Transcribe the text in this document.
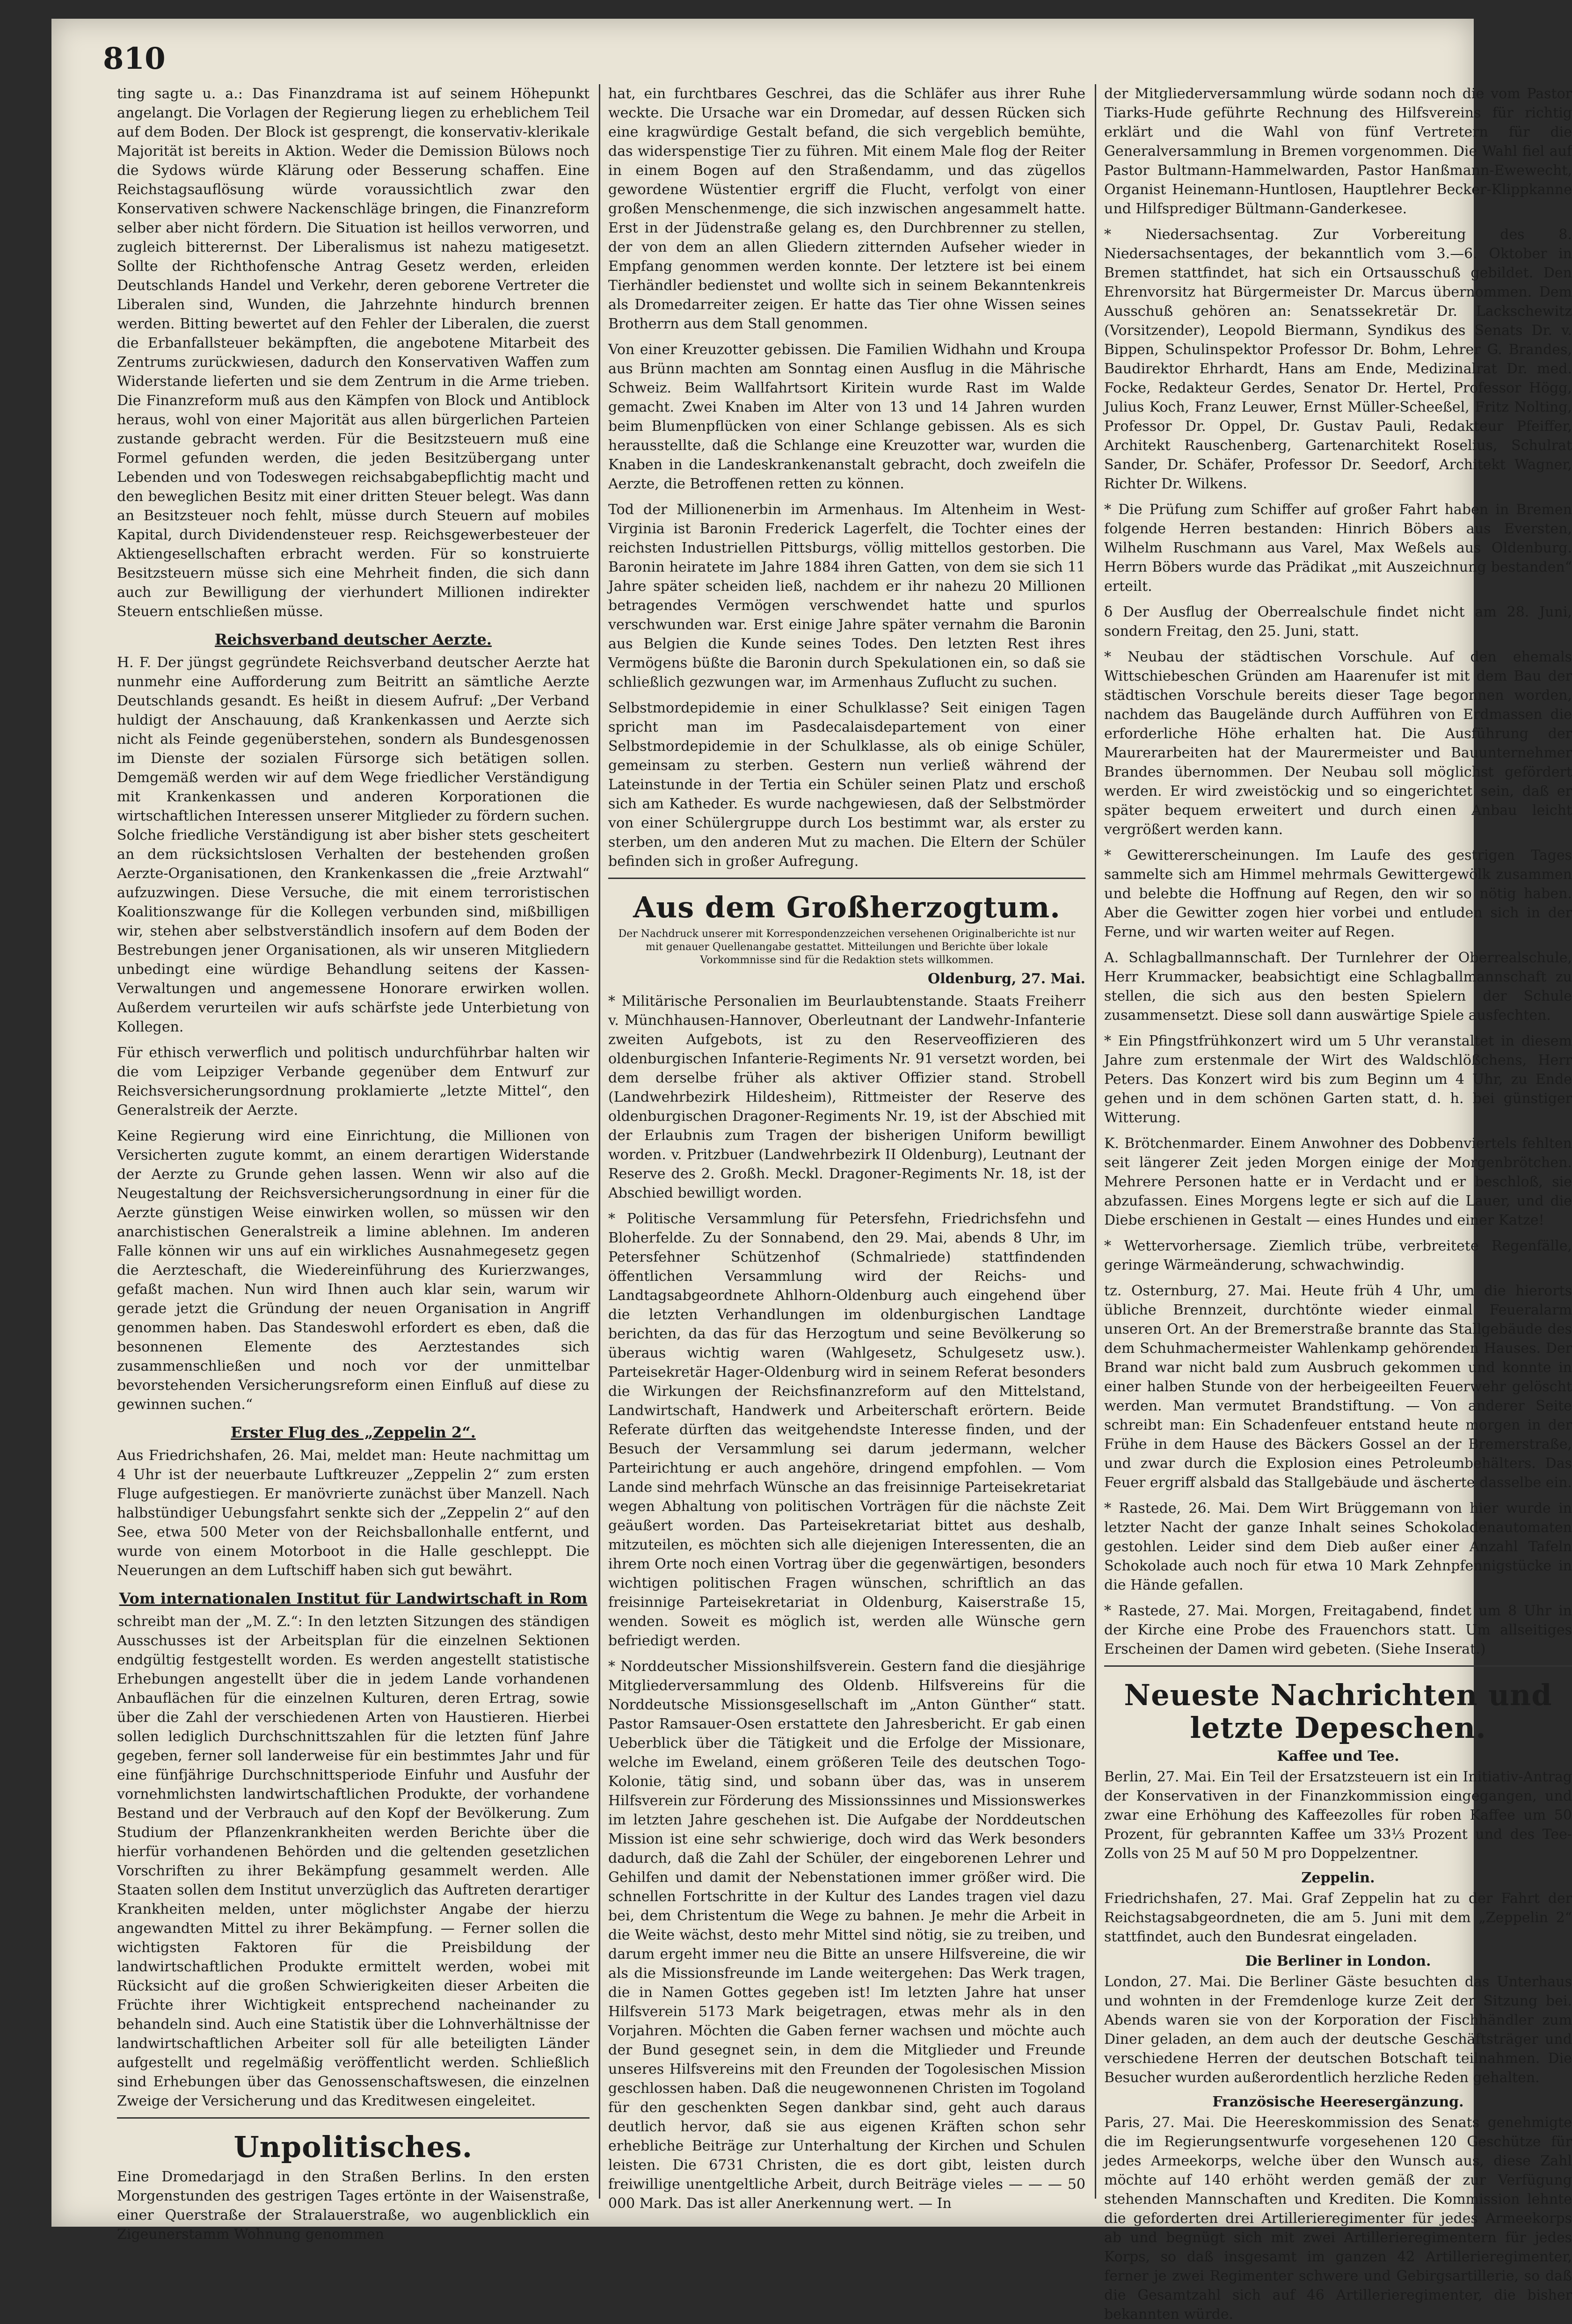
810

ting sagte u. a.: Das Finanzdrama ist auf seinem Höhepunkt angelangt. Die Vorlagen der Regierung liegen zu erheblichem Teil auf dem Boden. Der Block ist gesprengt, die konservativ-klerikale Majorität ist bereits in Aktion. Weder die Demission Bülows noch die Sydows würde Klärung oder Besserung schaffen. Eine Reichstagsauflösung würde voraussichtlich zwar den Konservativen schwere Nackenschläge bringen, die Finanzreform selber aber nicht fördern. Die Situation ist heillos verworren, und zugleich bitterernst. Der Liberalismus ist nahezu matigesetzt. Sollte der Richthofensche Antrag Gesetz werden, erleiden Deutschlands Handel und Verkehr, deren geborene Vertreter die Liberalen sind, Wunden, die Jahrzehnte hindurch brennen werden. Bitting bewertet auf den Fehler der Liberalen, die zuerst die Erbanfallsteuer bekämpften, die angebotene Mitarbeit des Zentrums zurückwiesen, dadurch den Konservativen Waffen zum Widerstande lieferten und sie dem Zentrum in die Arme trieben. Die Finanzreform muß aus den Kämpfen von Block und Antiblock heraus, wohl von einer Majorität aus allen bürgerlichen Parteien zustande gebracht werden. Für die Besitzsteuern muß eine Formel gefunden werden, die jeden Besitzübergang unter Lebenden und von Todeswegen reichsabgabepflichtig macht und den beweglichen Besitz mit einer dritten Steuer belegt. Was dann an Besitzsteuer noch fehlt, müsse durch Steuern auf mobiles Kapital, durch Dividendensteuer resp. Reichsgewerbesteuer der Aktiengesellschaften erbracht werden. Für so konstruierte Besitzsteuern müsse sich eine Mehrheit finden, die sich dann auch zur Bewilligung der vierhundert Millionen indirekter Steuern entschließen müsse.

Reichsverband deutscher Aerzte.

H. F. Der jüngst gegründete Reichsverband deutscher Aerzte hat nunmehr eine Aufforderung zum Beitritt an sämtliche Aerzte Deutschlands gesandt. Es heißt in diesem Aufruf: „Der Verband huldigt der Anschauung, daß Krankenkassen und Aerzte sich nicht als Feinde gegenüberstehen, sondern als Bundesgenossen im Dienste der sozialen Fürsorge sich betätigen sollen. Demgemäß werden wir auf dem Wege friedlicher Verständigung mit Krankenkassen und anderen Korporationen die wirtschaftlichen Interessen unserer Mitglieder zu fördern suchen. Solche friedliche Verständigung ist aber bisher stets gescheitert an dem rücksichtslosen Verhalten der bestehenden großen Aerzte-Organisationen, den Krankenkassen die „freie Arztwahl“ aufzuzwingen. Diese Versuche, die mit einem terroristischen Koalitionszwange für die Kollegen verbunden sind, mißbilligen wir, stehen aber selbstverständlich insofern auf dem Boden der Bestrebungen jener Organisationen, als wir unseren Mitgliedern unbedingt eine würdige Behandlung seitens der Kassen-Verwaltungen und angemessene Honorare erwirken wollen. Außerdem verurteilen wir aufs schärfste jede Unterbietung von Kollegen.

Für ethisch verwerflich und politisch undurchführbar halten wir die vom Leipziger Verbande gegenüber dem Entwurf zur Reichsversicherungsordnung proklamierte „letzte Mittel“, den Generalstreik der Aerzte.

Keine Regierung wird eine Einrichtung, die Millionen von Versicherten zugute kommt, an einem derartigen Widerstande der Aerzte zu Grunde gehen lassen. Wenn wir also auf die Neugestaltung der Reichsversicherungsordnung in einer für die Aerzte günstigen Weise einwirken wollen, so müssen wir den anarchistischen Generalstreik a limine ablehnen. Im anderen Falle können wir uns auf ein wirkliches Ausnahmegesetz gegen die Aerzteschaft, die Wiedereinführung des Kurierzwanges, gefaßt machen. Nun wird Ihnen auch klar sein, warum wir gerade jetzt die Gründung der neuen Organisation in Angriff genommen haben. Das Standeswohl erfordert es eben, daß die besonnenen Elemente des Aerztestandes sich zusammenschließen und noch vor der unmittelbar bevorstehenden Versicherungsreform einen Einfluß auf diese zu gewinnen suchen.“

Erster Flug des „Zeppelin 2“.

Aus Friedrichshafen, 26. Mai, meldet man: Heute nachmittag um 4 Uhr ist der neuerbaute Luftkreuzer „Zeppelin 2“ zum ersten Fluge aufgestiegen. Er manövrierte zunächst über Manzell. Nach halbstündiger Uebungsfahrt senkte sich der „Zeppelin 2“ auf den See, etwa 500 Meter von der Reichsballonhalle entfernt, und wurde von einem Motorboot in die Halle geschleppt. Die Neuerungen an dem Luftschiff haben sich gut bewährt.

Vom internationalen Institut für Landwirtschaft in Rom

schreibt man der „M. Z.“: In den letzten Sitzungen des ständigen Ausschusses ist der Arbeitsplan für die einzelnen Sektionen endgültig festgestellt worden. Es werden angestellt statistische Erhebungen angestellt über die in jedem Lande vorhandenen Anbauflächen für die einzelnen Kulturen, deren Ertrag, sowie über die Zahl der verschiedenen Arten von Haustieren. Hierbei sollen lediglich Durchschnittszahlen für die letzten fünf Jahre gegeben, ferner soll landerweise für ein bestimmtes Jahr und für eine fünfjährige Durchschnittsperiode Einfuhr und Ausfuhr der vornehmlichsten landwirtschaftlichen Produkte, der vorhandene Bestand und der Verbrauch auf den Kopf der Bevölkerung. Zum Studium der Pflanzenkrankheiten werden Berichte über die hierfür vorhandenen Behörden und die geltenden gesetzlichen Vorschriften zu ihrer Bekämpfung gesammelt werden. Alle Staaten sollen dem Institut unverzüglich das Auftreten derartiger Krankheiten melden, unter möglichster Angabe der hierzu angewandten Mittel zu ihrer Bekämpfung. — Ferner sollen die wichtigsten Faktoren für die Preisbildung der landwirtschaftlichen Produkte ermittelt werden, wobei mit Rücksicht auf die großen Schwierigkeiten dieser Arbeiten die Früchte ihrer Wichtigkeit entsprechend nacheinander zu behandeln sind. Auch eine Statistik über die Lohnverhältnisse der landwirtschaftlichen Arbeiter soll für alle beteiligten Länder aufgestellt und regelmäßig veröffentlicht werden. Schließlich sind Erhebungen über das Genossenschaftswesen, die einzelnen Zweige der Versicherung und das Kreditwesen eingeleitet.

Unpolitisches.

Eine Dromedarjagd in den Straßen Berlins. In den ersten Morgenstunden des gestrigen Tages ertönte in der Waisenstraße, einer Querstraße der Stralauerstraße, wo augenblicklich ein Zigeunerstamm Wohnung genommen

hat, ein furchtbares Geschrei, das die Schläfer aus ihrer Ruhe weckte. Die Ursache war ein Dromedar, auf dessen Rücken sich eine kragwürdige Gestalt befand, die sich vergeblich bemühte, das widerspenstige Tier zu führen. Mit einem Male flog der Reiter in einem Bogen auf den Straßendamm, und das zügellos gewordene Wüstentier ergriff die Flucht, verfolgt von einer großen Menschenmenge, die sich inzwischen angesammelt hatte. Erst in der Jüdenstraße gelang es, den Durchbrenner zu stellen, der von dem an allen Gliedern zitternden Aufseher wieder in Empfang genommen werden konnte. Der letztere ist bei einem Tierhändler bedienstet und wollte sich in seinem Bekanntenkreis als Dromedarreiter zeigen. Er hatte das Tier ohne Wissen seines Brotherrn aus dem Stall genommen.

Von einer Kreuzotter gebissen. Die Familien Widhahn und Kroupa aus Brünn machten am Sonntag einen Ausflug in die Mährische Schweiz. Beim Wallfahrtsort Kiritein wurde Rast im Walde gemacht. Zwei Knaben im Alter von 13 und 14 Jahren wurden beim Blumenpflücken von einer Schlange gebissen. Als es sich herausstellte, daß die Schlange eine Kreuzotter war, wurden die Knaben in die Landeskrankenanstalt gebracht, doch zweifeln die Aerzte, die Betroffenen retten zu können.

Tod der Millionenerbin im Armenhaus. Im Altenheim in West-Virginia ist Baronin Frederick Lagerfelt, die Tochter eines der reichsten Industriellen Pittsburgs, völlig mittellos gestorben. Die Baronin heiratete im Jahre 1884 ihren Gatten, von dem sie sich 11 Jahre später scheiden ließ, nachdem er ihr nahezu 20 Millionen betragendes Vermögen verschwendet hatte und spurlos verschwunden war. Erst einige Jahre später vernahm die Baronin aus Belgien die Kunde seines Todes. Den letzten Rest ihres Vermögens büßte die Baronin durch Spekulationen ein, so daß sie schließlich gezwungen war, im Armenhaus Zuflucht zu suchen.

Selbstmordepidemie in einer Schulklasse? Seit einigen Tagen spricht man im Pasdecalaisdepartement von einer Selbstmordepidemie in der Schulklasse, als ob einige Schüler, gemeinsam zu sterben. Gestern nun verließ während der Lateinstunde in der Tertia ein Schüler seinen Platz und erschoß sich am Katheder. Es wurde nachgewiesen, daß der Selbstmörder von einer Schülergruppe durch Los bestimmt war, als erster zu sterben, um den anderen Mut zu machen. Die Eltern der Schüler befinden sich in großer Aufregung.

Aus dem Großherzogtum.
Der Nachdruck unserer mit Korrespondenzzeichen versehenen Originalberichte ist nur mit genauer Quellenangabe gestattet. Mitteilungen und Berichte über lokale Vorkommnisse sind für die Redaktion stets willkommen.
Oldenburg, 27. Mai.

* Militärische Personalien im Beurlaubtenstande. Staats Freiherr v. Münchhausen-Hannover, Oberleutnant der Landwehr-Infanterie zweiten Aufgebots, ist zu den Reserveoffizieren des oldenburgischen Infanterie-Regiments Nr. 91 versetzt worden, bei dem derselbe früher als aktiver Offizier stand. Strobell (Landwehrbezirk Hildesheim), Rittmeister der Reserve des oldenburgischen Dragoner-Regiments Nr. 19, ist der Abschied mit der Erlaubnis zum Tragen der bisherigen Uniform bewilligt worden. v. Pritzbuer (Landwehrbezirk II Oldenburg), Leutnant der Reserve des 2. Großh. Meckl. Dragoner-Regiments Nr. 18, ist der Abschied bewilligt worden.

* Politische Versammlung für Petersfehn, Friedrichsfehn und Bloherfelde. Zu der Sonnabend, den 29. Mai, abends 8 Uhr, im Petersfehner Schützenhof (Schmalriede) stattfindenden öffentlichen Versammlung wird der Reichs- und Landtagsabgeordnete Ahlhorn-Oldenburg auch eingehend über die letzten Verhandlungen im oldenburgischen Landtage berichten, da das für das Herzogtum und seine Bevölkerung so überaus wichtig waren (Wahlgesetz, Schulgesetz usw.). Parteisekretär Hager-Oldenburg wird in seinem Referat besonders die Wirkungen der Reichsfinanzreform auf den Mittelstand, Landwirtschaft, Handwerk und Arbeiterschaft erörtern. Beide Referate dürften das weitgehendste Interesse finden, und der Besuch der Versammlung sei darum jedermann, welcher Parteirichtung er auch angehöre, dringend empfohlen. — Vom Lande sind mehrfach Wünsche an das freisinnige Parteisekretariat wegen Abhaltung von politischen Vorträgen für die nächste Zeit geäußert worden. Das Parteisekretariat bittet aus deshalb, mitzuteilen, es möchten sich alle diejenigen Interessenten, die an ihrem Orte noch einen Vortrag über die gegenwärtigen, besonders wichtigen politischen Fragen wünschen, schriftlich an das freisinnige Parteisekretariat in Oldenburg, Kaiserstraße 15, wenden. Soweit es möglich ist, werden alle Wünsche gern befriedigt werden.

* Norddeutscher Missionshilfsverein. Gestern fand die diesjährige Mitgliederversammlung des Oldenb. Hilfsvereins für die Norddeutsche Missionsgesellschaft im „Anton Günther“ statt. Pastor Ramsauer-Osen erstattete den Jahresbericht. Er gab einen Ueberblick über die Tätigkeit und die Erfolge der Missionare, welche im Eweland, einem größeren Teile des deutschen Togo-Kolonie, tätig sind, und sobann über das, was in unserem Hilfsverein zur Förderung des Missionssinnes und Missionswerkes im letzten Jahre geschehen ist. Die Aufgabe der Norddeutschen Mission ist eine sehr schwierige, doch wird das Werk besonders dadurch, daß die Zahl der Schüler, der eingeborenen Lehrer und Gehilfen und damit der Nebenstationen immer größer wird. Die schnellen Fortschritte in der Kultur des Landes tragen viel dazu bei, dem Christentum die Wege zu bahnen. Je mehr die Arbeit in die Weite wächst, desto mehr Mittel sind nötig, sie zu treiben, und darum ergeht immer neu die Bitte an unsere Hilfsvereine, die wir als die Missionsfreunde im Lande weitergehen: Das Werk tragen, die in Namen Gottes gegeben ist! Im letzten Jahre hat unser Hilfsverein 5173 Mark beigetragen, etwas mehr als in den Vorjahren. Möchten die Gaben ferner wachsen und möchte auch der Bund gesegnet sein, in dem die Mitglieder und Freunde unseres Hilfsvereins mit den Freunden der Togolesischen Mission geschlossen haben. Daß die neugewonnenen Christen im Togoland für den geschenkten Segen dankbar sind, geht auch daraus deutlich hervor, daß sie aus eigenen Kräften schon sehr erhebliche Beiträge zur Unterhaltung der Kirchen und Schulen leisten. Die 6731 Christen, die es dort gibt, leisten durch freiwillige unentgeltliche Arbeit, durch Beiträge vieles — — — 50 000 Mark. Das ist aller Anerkennung wert. — In

der Mitgliederversammlung würde sodann noch die vom Pastor Tiarks-Hude geführte Rechnung des Hilfsvereins für richtig erklärt und die Wahl von fünf Vertretern für die Generalversammlung in Bremen vorgenommen. Die Wahl fiel auf Pastor Bultmann-Hammelwarden, Pastor Hanßmann-Ewewecht, Organist Heinemann-Huntlosen, Hauptlehrer Becker-Klippkanne und Hilfsprediger Bültmann-Ganderkesee.

* Niedersachsentag. Zur Vorbereitung des 8. Niedersachsentages, der bekanntlich vom 3.—6. Oktober in Bremen stattfindet, hat sich ein Ortsausschuß gebildet. Den Ehrenvorsitz hat Bürgermeister Dr. Marcus übernommen. Dem Ausschuß gehören an: Senatssekretär Dr. Lackschewitz (Vorsitzender), Leopold Biermann, Syndikus des Senats Dr. v. Bippen, Schulinspektor Professor Dr. Bohm, Lehrer G. Brandes, Baudirektor Ehrhardt, Hans am Ende, Medizinalrat Dr. med. Focke, Redakteur Gerdes, Senator Dr. Hertel, Professor Högg, Julius Koch, Franz Leuwer, Ernst Müller-Scheeßel, Fritz Nolting, Professor Dr. Oppel, Dr. Gustav Pauli, Redakteur Pfeiffer, Architekt Rauschenberg, Gartenarchitekt Roselius, Schulrat Sander, Dr. Schäfer, Professor Dr. Seedorf, Architekt Wagner, Richter Dr. Wilkens.

* Die Prüfung zum Schiffer auf großer Fahrt haben in Bremen folgende Herren bestanden: Hinrich Böbers aus Eversten, Wilhelm Ruschmann aus Varel, Max Weßels aus Oldenburg. Herrn Böbers wurde das Prädikat „mit Auszeichnung bestanden“ erteilt.

δ Der Ausflug der Oberrealschule findet nicht am 28. Juni, sondern Freitag, den 25. Juni, statt.

* Neubau der städtischen Vorschule. Auf den ehemals Wittschiebeschen Gründen am Haarenufer ist mit dem Bau der städtischen Vorschule bereits dieser Tage begonnen worden, nachdem das Baugelände durch Aufführen von Erdmassen die erforderliche Höhe erhalten hat. Die Ausführung der Maurerarbeiten hat der Maurermeister und Bauunternehmer Brandes übernommen. Der Neubau soll möglichst gefördert werden. Er wird zweistöckig und so eingerichtet sein, daß er später bequem erweitert und durch einen Anbau leicht vergrößert werden kann.

* Gewittererscheinungen. Im Laufe des gestrigen Tages sammelte sich am Himmel mehrmals Gewittergewölk zusammen und belebte die Hoffnung auf Regen, den wir so nötig haben. Aber die Gewitter zogen hier vorbei und entluden sich in der Ferne, und wir warten weiter auf Regen.

A. Schlagballmannschaft. Der Turnlehrer der Oberrealschule, Herr Krummacker, beabsichtigt eine Schlagballmannschaft zu stellen, die sich aus den besten Spielern der Schule zusammensetzt. Diese soll dann auswärtige Spiele ausfechten.

* Ein Pfingstfrühkonzert wird um 5 Uhr veranstaltet in diesem Jahre zum erstenmale der Wirt des Waldschlößchens, Herr Peters. Das Konzert wird bis zum Beginn um 4 Uhr, zu Ende gehen und in dem schönen Garten statt, d. h. bei günstiger Witterung.

K. Brötchenmarder. Einem Anwohner des Dobbenviertels fehlten seit längerer Zeit jeden Morgen einige der Morgenbrötchen. Mehrere Personen hatte er in Verdacht und er beschloß, sie abzufassen. Eines Morgens legte er sich auf die Lauer, und die Diebe erschienen in Gestalt — eines Hundes und einer Katze!

* Wettervorhersage. Ziemlich trübe, verbreitete Regenfälle, geringe Wärmeänderung, schwachwindig.

tz. Osternburg, 27. Mai. Heute früh 4 Uhr, um die hierorts übliche Brennzeit, durchtönte wieder einmal Feueralarm unseren Ort. An der Bremerstraße brannte das Stallgebäude des dem Schuhmachermeister Wahlenkamp gehörenden Hauses. Der Brand war nicht bald zum Ausbruch gekommen und konnte in einer halben Stunde von der herbeigeeilten Feuerwehr gelöscht werden. Man vermutet Brandstiftung. — Von anderer Seite schreibt man: Ein Schadenfeuer entstand heute morgen in der Frühe in dem Hause des Bäckers Gossel an der Bremerstraße, und zwar durch die Explosion eines Petroleumbehälters. Das Feuer ergriff alsbald das Stallgebäude und äscherte dasselbe ein.

* Rastede, 26. Mai. Dem Wirt Brüggemann von hier wurde in letzter Nacht der ganze Inhalt seines Schokoladenautomaten gestohlen. Leider sind dem Dieb außer einer Anzahl Tafeln Schokolade auch noch für etwa 10 Mark Zehnpfennigstücke in die Hände gefallen.

* Rastede, 27. Mai. Morgen, Freitagabend, findet um 8 Uhr in der Kirche eine Probe des Frauenchors statt. Um allseitiges Erscheinen der Damen wird gebeten. (Siehe Inserat.)

Neueste Nachrichten und letzte Depeschen.
Kaffee und Tee.

Berlin, 27. Mai. Ein Teil der Ersatzsteuern ist ein Initiativ-Antrag der Konservativen in der Finanzkommission eingegangen, und zwar eine Erhöhung des Kaffeezolles für roben Kaffee um 50 Prozent, für gebrannten Kaffee um 33⅓ Prozent und des Tee-Zolls von 25 M auf 50 M pro Doppelzentner.

Zeppelin.

Friedrichshafen, 27. Mai. Graf Zeppelin hat zu der Fahrt der Reichstagsabgeordneten, die am 5. Juni mit dem „Zeppelin 2“ stattfindet, auch den Bundesrat eingeladen.

Die Berliner in London.

London, 27. Mai. Die Berliner Gäste besuchten das Unterhaus und wohnten in der Fremdenloge kurze Zeit der Sitzung bei. Abends waren sie von der Korporation der Fischhändler zum Diner geladen, an dem auch der deutsche Geschäftsträger und verschiedene Herren der deutschen Botschaft teilnahmen. Die Besucher wurden außerordentlich herzliche Reden gehalten.

Französische Heeresergänzung.

Paris, 27. Mai. Die Heereskommission des Senats genehmigte die im Regierungsentwurfe vorgesehenen 120 Geschütze für jedes Armeekorps, welche über den Wunsch aus, diese Zahl möchte auf 140 erhöht werden gemäß der zur Verfügung stehenden Mannschaften und Krediten. Die Kommission lehnte die geforderten drei Artillerieregimenter für jedes Armeekorps ab und begnügt sich mit zwei Artillerieregimentern für jedes Korps, so daß insgesamt im ganzen 42 Artillerieregimenter, ferner je zwei Regimenter schwere und Gebirgsartillerie, so daß die Gesamtzahl sich auf 46 Artillerieregimenter, die bisher bekannten würde.
